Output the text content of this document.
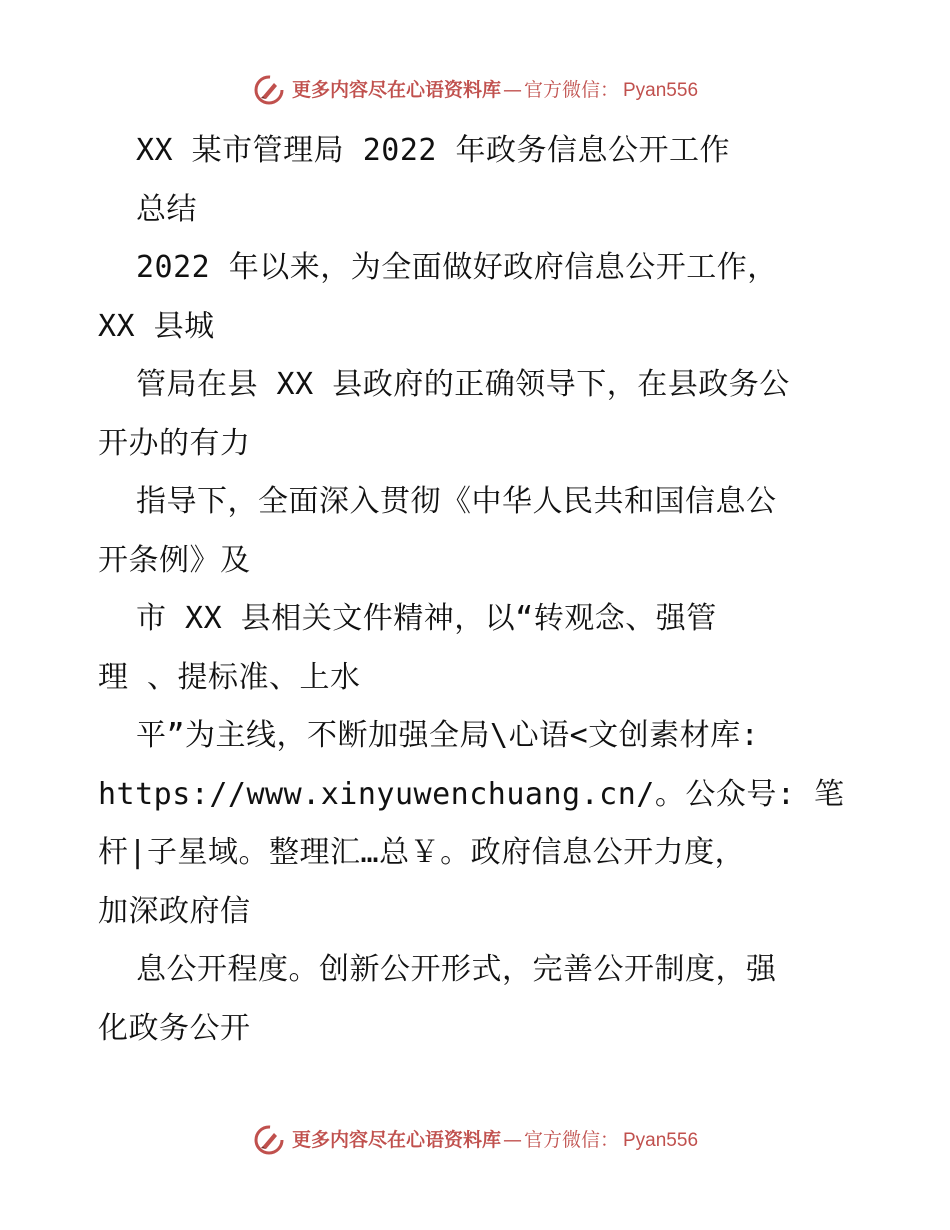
更多内容尽在心语资料库 — 官方微信： Pyan556
XX 某市管理局 2022 年政务信息公开工作
总结
2022 年以来，为全面做好政府信息公开工作，
XX 县城
管局在县 XX 县政府的正确领导下，在县政务公
开办的有力
指导下，全面深入贯彻《中华人民共和国信息公
开条例》及
市 XX 县相关文件精神，以“转观念、强管
理 、提标准、上水
平”为主线，不断加强全局\心语<文创素材库:
https://www.xinyuwenchuang.cn/。公众号: 笔
杆|子星域。整理汇…总￥。政府信息公开力度，
加深政府信
息公开程度。创新公开形式，完善公开制度，强
化政务公开
更多内容尽在心语资料库 — 官方微信： Pyan556
